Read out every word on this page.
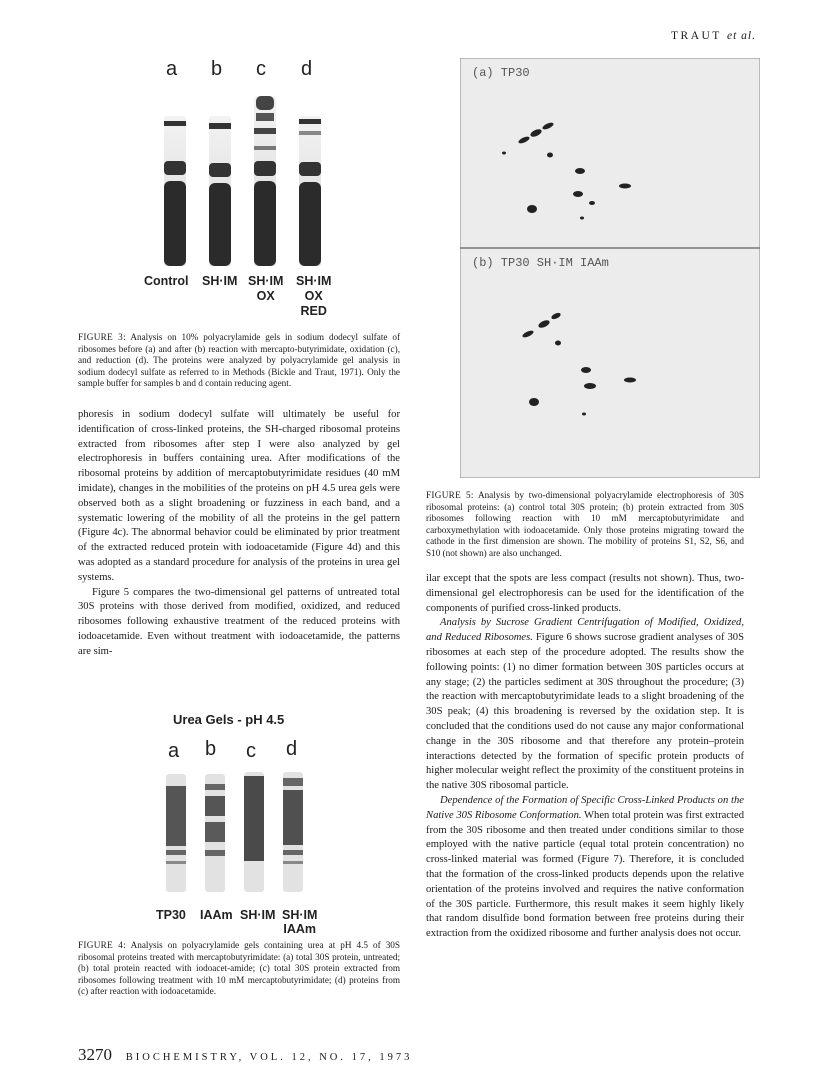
TRAUT et al.
a b c d
Control SH·IM SH·IM
OX
SH·IM
OX
RED
FIGURE 3: Analysis on 10% polyacrylamide gels in sodium dodecyl sulfate of ribosomes before (a) and after (b) reaction with mercapto-butyrimidate, oxidation (c), and reduction (d). The proteins were analyzed by polyacrylamide gel analysis in sodium dodecyl sulfate as referred to in Methods (Bickle and Traut, 1971). Only the sample buffer for samples b and d contain reducing agent.

phoresis in sodium dodecyl sulfate will ultimately be useful for identification of cross-linked proteins, the SH-charged ribosomal proteins extracted from ribosomes after step I were also analyzed by gel electrophoresis in buffers containing urea. After modifications of the ribosomal proteins by addition of mercaptobutyrimidate residues (40 mM imidate), changes in the mobilities of the proteins on pH 4.5 urea gels were observed both as a slight broadening or fuzziness in each band, and a systematic lowering of the mobility of all the proteins in the gel pattern (Figure 4c). The abnormal behavior could be eliminated by prior treatment of the extracted reduced protein with iodoacetamide (Figure 4d) and this was adopted as a standard procedure for analysis of the proteins in urea gel systems.

Figure 5 compares the two-dimensional gel patterns of untreated total 30S proteins with those derived from modified, oxidized, and reduced ribosomes following exhaustive treatment of the reduced proteins with iodoacetamide. Even without treatment with iodoacetamide, the patterns are sim-

Urea Gels - pH 4.5
a b c d
TP30 IAAm SH·IM SH·IM
IAAm
FIGURE 4: Analysis on polyacrylamide gels containing urea at pH 4.5 of 30S ribosomal proteins treated with mercaptobutyrimidate: (a) total 30S protein, untreated; (b) total protein reacted with iodoacet-amide; (c) total 30S protein extracted from ribosomes following treatment with 10 mM mercaptobutyrimidate; (d) proteins from (c) after reaction with iodoacetamide.
(a) TP30
(b) TP30 SH·IM IAAm
FIGURE 5: Analysis by two-dimensional polyacrylamide electrophoresis of 30S ribosomal proteins: (a) control total 30S protein; (b) protein extracted from 30S ribosomes following reaction with 10 mM mercaptobutyrimidate and carboxymethylation with iodoacetamide. Only those proteins migrating toward the cathode in the first dimension are shown. The mobility of proteins S1, S2, S6, and S10 (not shown) are also unchanged.

ilar except that the spots are less compact (results not shown). Thus, two-dimensional gel electrophoresis can be used for the identification of the components of purified cross-linked products.

Analysis by Sucrose Gradient Centrifugation of Modified, Oxidized, and Reduced Ribosomes. Figure 6 shows sucrose gradient analyses of 30S ribosomes at each step of the procedure adopted. The results show the following points: (1) no dimer formation between 30S particles occurs at any stage; (2) the particles sediment at 30S throughout the procedure; (3) the reaction with mercaptobutyrimidate leads to a slight broadening of the 30S peak; (4) this broadening is reversed by the oxidation step. It is concluded that the conditions used do not cause any major conformational change in the 30S ribosome and that therefore any protein–protein interactions detected by the formation of specific protein products of higher molecular weight reflect the proximity of the constituent proteins in the native 30S ribosomal particle.

Dependence of the Formation of Specific Cross-Linked Products on the Native 30S Ribosome Conformation. When total protein was first extracted from the 30S ribosome and then treated under conditions similar to those employed with the native particle (equal total protein concentration) no cross-linked material was formed (Figure 7). Therefore, it is concluded that the formation of the cross-linked products depends upon the relative orientation of the proteins involved and requires the native conformation of the 30S particle. Furthermore, this result makes it seem highly likely that random disulfide bond formation between free proteins during their extraction from the oxidized ribosome and further analysis does not occur.

3270 BIOCHEMISTRY, VOL. 12, NO. 17, 1973
